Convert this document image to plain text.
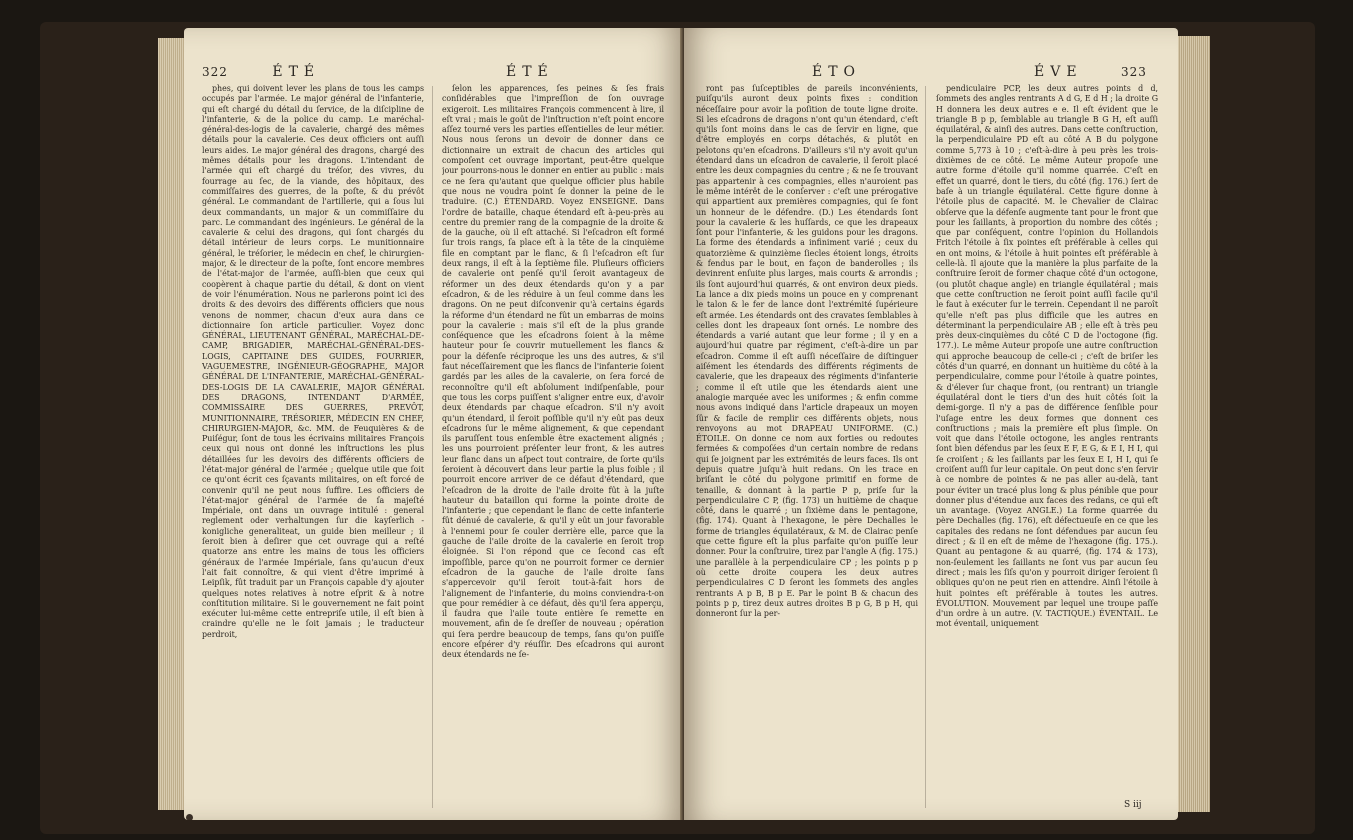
322	ÉTÉ	ÉTÉ

phes, qui doivent lever les plans de tous les camps occupés par l'armée. Le major général de l'infanterie, qui eſt chargé du détail du ſervice, de la diſcipline de l'infanterie, & de la police du camp. Le maréchal-général-des-logis de la cavalerie, chargé des mêmes détails pour la cavalerie. Ces deux officiers ont auſſi leurs aides. Le major général des dragons, chargé des mêmes détails pour les dragons. L'intendant de l'armée qui eſt chargé du tréſor, des vivres, du fourrage au ſec, de la viande, des hôpitaux, des commiſſaires des guerres, de la poſte, & du prévôt général. Le commandant de l'artillerie, qui a ſous lui deux commandants, un major & un commiſſaire du parc. Le commandant des ingénieurs. Le général de la cavalerie & celui des dragons, qui ſont chargés du détail intérieur de leurs corps. Le munitionnaire général, le tréſorier, le médecin en chef, le chirurgien-major, & le directeur de la poſte, ſont encore membres de l'état-major de l'armée, auſſi-bien que ceux qui coopèrent à chaque partie du détail, & dont on vient de voir l'énumération. Nous ne parlerons point ici des droits & des devoirs des différents officiers que nous venons de nommer, chacun d'eux aura dans ce dictionnaire ſon article particulier. Voyez donc GÉNÉRAL, LIEUTENANT GÉNÉRAL, MARÉCHAL-DE-CAMP, BRIGADIER, MARÉCHAL-GÉNÉRAL-DES-LOGIS, CAPITAINE DES GUIDES, FOURRIER, VAGUEMESTRE, INGÉNIEUR-GÉOGRAPHE, MAJOR GÉNÉRAL DE L'INFANTERIE, MARÉCHAL-GÉNÉRAL-DES-LOGIS DE LA CAVALERIE, MAJOR GÉNÉRAL DES DRAGONS, INTENDANT D'ARMÉE, COMMISSAIRE DES GUERRES, PREVÔT, MUNITIONNAIRE, TRÉSORIER, MÉDECIN EN CHEF, CHIRURGIEN-MAJOR, &c. MM. de Feuquières & de Puiſégur, ſont de tous les écrivains militaires François ceux qui nous ont donné les inſtructions les plus détaillées ſur les devoirs des différents officiers de l'état-major général de l'armée ; quelque utile que ſoit ce qu'ont écrit ces ſçavants militaires, on eſt forcé de convenir qu'il ne peut nous ſuffire. Les officiers de l'état-major général de l'armée de ſa majeſté Impériale, ont dans un ouvrage intitulé : general reglement oder verhaltungen ſur die kayſerlich - konigliche generaliteat, un guide bien meilleur ; il ſeroit bien à deſirer que cet ouvrage qui a reſté quatorze ans entre les mains de tous les officiers généraux de l'armée Impériale, ſans qu'aucun d'eux l'ait fait connoître, & qui vient d'être imprimé à Leipſik, fût traduit par un François capable d'y ajouter quelques notes relatives à notre eſprit & à notre conſtitution militaire. Si le gouvernement ne fait point exécuter lui-même cette entrepriſe utile, il eſt bien à craindre qu'elle ne le ſoit jamais ; le traducteur perdroit,

ſelon les apparences, ſes peines & ſes frais conſidérables que l'impreſſion de ſon ouvrage exigeroit. Les militaires François commencent à lire, il eſt vrai ; mais le goût de l'inſtruction n'eſt point encore aſſez tourné vers les parties eſſentielles de leur métier. Nous nous ſerons un devoir de donner dans ce dictionnaire un extrait de chacun des articles qui compoſent cet ouvrage important, peut-être quelque jour pourrons-nous le donner en entier au public : mais ce ne ſera qu'autant que quelque officier plus habile que nous ne voudra point ſe donner la peine de le traduire. (C.) ÉTENDARD. Voyez ENSEIGNE. Dans l'ordre de bataille, chaque étendard eſt à-peu-près au centre du premier rang de la compagnie de la droite & de la gauche, où il eſt attaché. Si l'eſcadron eſt formé ſur trois rangs, ſa place eſt à la tête de la cinquième file en comptant par le flanc, & ſi l'eſcadron eſt ſur deux rangs, il eſt à la ſeptième file. Pluſieurs officiers de cavalerie ont penſé qu'il ſeroit avantageux de réformer un des deux étendards qu'on y a par eſcadron, & de les réduire à un ſeul comme dans les dragons. On ne peut diſconvenir qu'à certains égards la réforme d'un étendard ne fût un embarras de moins pour la cavalerie : mais s'il eſt de la plus grande conſéquence que les eſcadrons ſoient à la même hauteur pour ſe couvrir mutuellement les flancs & pour la défenſe réciproque les uns des autres, & s'il faut néceſſairement que les flancs de l'infanterie ſoient gardés par les ailes de la cavalerie, on ſera forcé de reconnoître qu'il eſt abſolument indiſpenſable, pour que tous les corps puiſſent s'aligner entre eux, d'avoir deux étendards par chaque eſcadron. S'il n'y avoit qu'un étendard, il ſeroit poſſible qu'il n'y eût pas deux eſcadrons ſur le même alignement, & que cependant ils paruſſent tous enſemble être exactement alignés ; les uns pourroient préſenter leur front, & les autres leur flanc dans un aſpect tout contraire, de ſorte qu'ils ſeroient à découvert dans leur partie la plus foible ; il pourroit encore arriver de ce défaut d'étendard, que l'eſcadron de la droite de l'aile droite fût à la juſte hauteur du bataillon qui forme la pointe droite de l'infanterie ; que cependant le flanc de cette infanterie fût dénué de cavalerie, & qu'il y eût un jour favorable à l'ennemi pour ſe couler derrière elle, parce que la gauche de l'aile droite de la cavalerie en ſeroit trop éloignée. Si l'on répond que ce ſecond cas eſt impoſſible, parce qu'on ne pourroit former ce dernier eſcadron de la gauche de l'aile droite ſans s'appercevoir qu'il ſeroit tout-à-fait hors de l'alignement de l'infanterie, du moins conviendra-t-on que pour remédier à ce défaut, dès qu'il ſera apperçu, il faudra que l'aile toute entière ſe remette en mouvement, afin de ſe dreſſer de nouveau ; opération qui ſera perdre beaucoup de temps, ſans qu'on puiſſe encore eſpérer d'y réuſſir. Des eſcadrons qui auront deux étendards ne ſe-

ÉTO	ÉVE	323

ront pas ſuſceptibles de pareils inconvénients, puiſqu'ils auront deux points fixes : condition néceſſaire pour avoir la poſition de toute ligne droite. Si les eſcadrons de dragons n'ont qu'un étendard, c'eſt qu'ils ſont moins dans le cas de ſervir en ligne, que d'être employés en corps détachés, & plutôt en pelotons qu'en eſcadrons. D'ailleurs s'il n'y avoit qu'un étendard dans un eſcadron de cavalerie, il ſeroit placé entre les deux compagnies du centre ; & ne ſe trouvant pas appartenir à ces compagnies, elles n'auroient pas le même intérêt de le conſerver : c'eſt une prérogative qui appartient aux premières compagnies, qui ſe font un honneur de le défendre. (D.) Les étendards ſont pour la cavalerie & les huſſards, ce que les drapeaux ſont pour l'infanterie, & les guidons pour les dragons. La forme des étendards a infiniment varié ; ceux du quatorzième & quinzième ſiecles étoient longs, étroits & fendus par le bout, en façon de banderolles ; ils devinrent enſuite plus larges, mais courts & arrondis ; ils ſont aujourd'hui quarrés, & ont environ deux pieds. La lance a dix pieds moins un pouce en y comprenant le talon & le fer de lance dont l'extrémité ſupérieure eſt armée. Les étendards ont des cravates ſemblables à celles dont les drapeaux ſont ornés. Le nombre des étendards a varié autant que leur forme ; il y en a aujourd'hui quatre par régiment, c'eſt-à-dire un par eſcadron. Comme il eſt auſſi néceſſaire de diſtinguer aiſément les étendards des différents régiments de cavalerie, que les drapeaux des régiments d'infanterie ; comme il eſt utile que les étendards aient une analogie marquée avec les uniformes ; & enfin comme nous avons indiqué dans l'article drapeaux un moyen ſûr & facile de remplir ces différents objets, nous renvoyons au mot DRAPEAU UNIFORME. (C.) ÉTOILE. On donne ce nom aux forties ou redoutes fermées & compoſées d'un certain nombre de redans qui ſe joignent par les extrémités de leurs faces. Ils ont depuis quatre juſqu'à huit redans. On les trace en briſant le côté du polygone primitif en forme de tenaille, & donnant à la partie P p, priſe ſur la perpendiculaire C P, (fig. 173) un huitième de chaque côté, dans le quarré ; un ſixième dans le pentagone, (fig. 174). Quant à l'hexagone, le père Dechalles le forme de triangles équilatéraux, & M. de Clairac penſe que cette figure eſt la plus parfaite qu'on puiſſe leur donner. Pour la conſtruire, tirez par l'angle A (fig. 175.) une parallèle à la perpendiculaire CP ; les points p p où cette droite coupera les deux autres perpendiculaires C D ſeront les ſommets des angles rentrants A p B, B p E. Par le point B & chacun des points p p, tirez deux autres droites B p G, B p H, qui donneront ſur la per-

pendiculaire PCP, les deux autres points d d, ſommets des angles rentrants A d G, E d H ; la droite G H donnera les deux autres e e. Il eſt évident que le triangle B p p, ſemblable au triangle B G H, eſt auſſi équilatéral, & ainſi des autres. Dans cette conſtruction, la perpendiculaire PD eſt au côté A B du polygone comme 5,773 à 10 ; c'eſt-à-dire à peu près les trois-dixièmes de ce côté. Le même Auteur propoſe une autre forme d'étoile qu'il nomme quarrée. C'eſt en effet un quarré, dont le tiers, du côté (fig. 176.) ſert de baſe à un triangle équilatéral. Cette figure donne à l'étoile plus de capacité. M. le Chevalier de Clairac obſerve que la défenſe augmente tant pour le front que pour les ſaillants, à proportion du nombre des côtés ; que par conſéquent, contre l'opinion du Hollandois Fritch l'étoile à ſix pointes eſt préférable à celles qui en ont moins, & l'étoile à huit pointes eſt préférable à celle-là. Il ajoute que la manière la plus parfaite de la conſtruire ſeroit de former chaque côté d'un octogone, (ou plutôt chaque angle) en triangle équilatéral ; mais que cette conſtruction ne ſeroit point auſſi facile qu'il le faut à exécuter ſur le terrein. Cependant il ne paroît qu'elle n'eſt pas plus difficile que les autres en déterminant la perpendiculaire AB ; elle eſt à très peu près deux-cinquièmes du côté C D de l'octogone (fig. 177.). Le même Auteur propoſe une autre conſtruction qui approche beaucoup de celle-ci ; c'eſt de briſer les côtés d'un quarré, en donnant un huitième du côté à la perpendiculaire, comme pour l'étoile à quatre pointes, & d'élever ſur chaque front, (ou rentrant) un triangle équilatéral dont le tiers d'un des huit côtés ſoit la demi-gorge. Il n'y a pas de différence ſenſible pour l'uſage entre les deux formes que donnent ces conſtructions ; mais la première eſt plus ſimple. On voit que dans l'étoile octogone, les angles rentrants ſont bien défendus par les ſeux E F, E G, & E I, H I, qui ſe croiſent ; & les ſaillants par les ſeux E I, H I, qui ſe croiſent auſſi ſur leur capitale. On peut donc s'en ſervir à ce nombre de pointes & ne pas aller au-delà, tant pour éviter un tracé plus long & plus pénible que pour donner plus d'étendue aux faces des redans, ce qui eſt un avantage. (Voyez ANGLE.) La forme quarrée du père Dechalles (fig. 176), eſt défectueuſe en ce que les capitales des redans ne ſont défendues par aucun ſeu direct ; & il en eſt de même de l'hexagone (fig. 175.). Quant au pentagone & au quarré, (fig. 174 & 173), non-ſeulement les ſaillants ne ſont vus par aucun ſeu direct ; mais les ſiſs qu'on y pourroit diriger ſeroient ſi obliques qu'on ne peut rien en attendre. Ainſi l'étoile à huit pointes eſt préférable à toutes les autres. ÉVOLUTION. Mouvement par lequel une troupe paſſe d'un ordre à un autre. (V. TACTIQUE.) ÉVENTAIL. Le mot éventail, uniquement

S iij
